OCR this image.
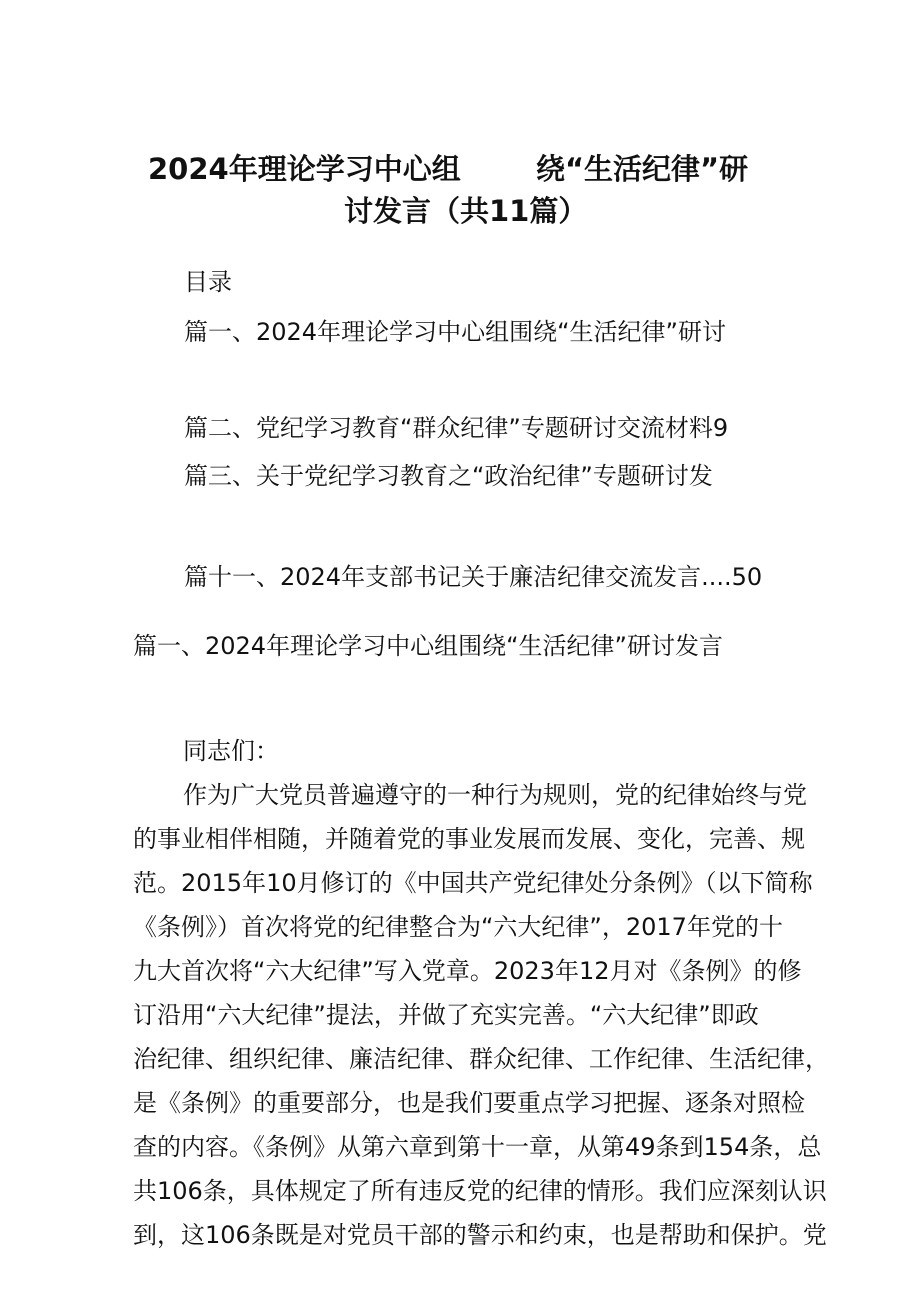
2024年理论学习中心组	绕“生活纪律”研
讨发言（共11篇）
目录
篇一、2024年理论学习中心组围绕“生活纪律”研讨
篇二、党纪学习教育“群众纪律”专题研讨交流材料9
篇三、关于党纪学习教育之“政治纪律”专题研讨发
篇十一、2024年支部书记关于廉洁纪律交流发言....50
篇一、2024年理论学习中心组围绕“生活纪律”研讨发言
同志们：
作为广大党员普遍遵守的一种行为规则，党的纪律始终与党
的事业相伴相随，并随着党的事业发展而发展、变化，完善、规
范。2015年10月修订的《中国共产党纪律处分条例》（以下简称
《条例》）首次将党的纪律整合为“六大纪律”，2017年党的十
九大首次将“六大纪律”写入党章。2023年12月对《条例》的修
订沿用“六大纪律”提法，并做了充实完善。“六大纪律”即政
治纪律、组织纪律、廉洁纪律、群众纪律、工作纪律、生活纪律，
是《条例》的重要部分，也是我们要重点学习把握、逐条对照检
查的内容。《条例》从第六章到第十一章，从第49条到154条，总
共106条，具体规定了所有违反党的纪律的情形。我们应深刻认识
到，这106条既是对党员干部的警示和约束，也是帮助和保护。党
